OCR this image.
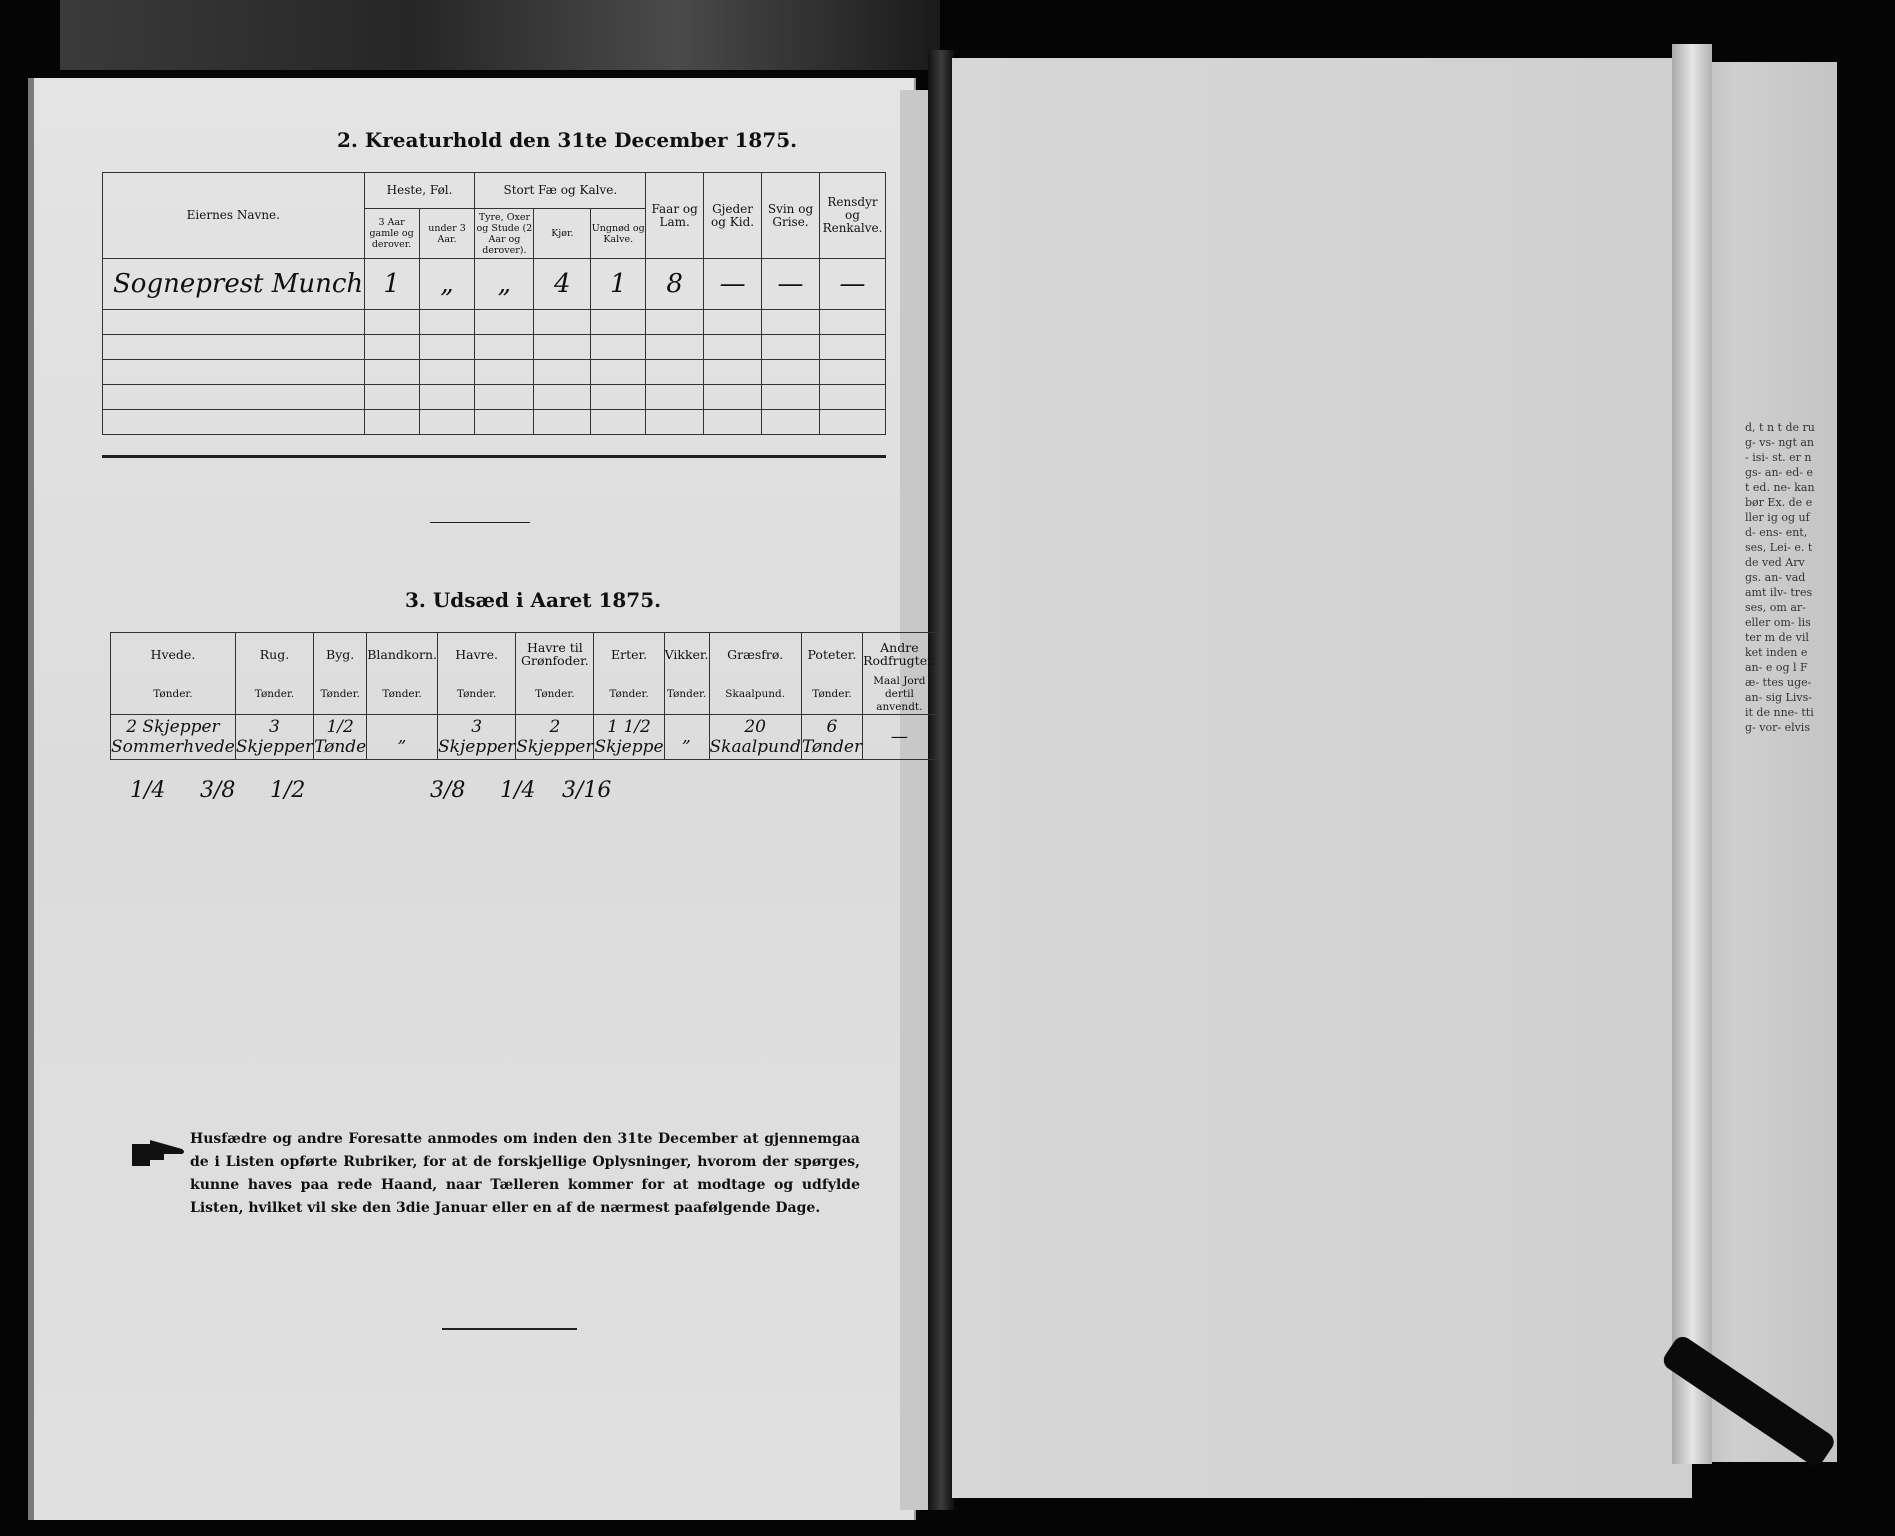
d, t n t de rug- vs- ngt an- isi- st. er ngs- an- ed- et ed. ne- kan bør Ex. de eller ig og ufd- ens- ent, ses, Lei- e. t de ved Arv gs. an- vad amt ilv- tres ses, om ar- eller om- lister m de vilket inden e an- e og l Fæ- ttes uge- an- sig Livs- it de nne- ttig- vor- elvis
2. Kreaturhold den 31te December 1875.
Eiernes Navne.	Heste, Føl.		Stort Fæ og Kalve.			Faar og Lam.	Gjeder og Kid.	Svin og Grise.	Rensdyr og Renkalve.
	3 Aar gamle og derover.	under 3 Aar.	Tyre, Oxer og Stude (2 Aar og derover).	Kjør.	Ungnød og Kalve.				
Sogneprest Munch	1	„	„	4	1	8	—	—	—

3. Udsæd i Aaret 1875.
Hvede.	Rug.	Byg.	Blandkorn.	Havre.	Havre til Grønfoder.	Erter.	Vikker.	Græsfrø.	Poteter.	Andre Rodfrugter.
Tønder.	Tønder.	Tønder.	Tønder.	Tønder.	Tønder.	Tønder.	Tønder.	Skaalpund.	Tønder.	Maal Jord dertil anvendt.
2 Skjepper Sommerhvede	3 Skjepper	1/2 Tønde	„	3 Skjepper	2 Skjepper	1 1/2 Skjeppe	„	20 Skaalpund	6 Tønder	—
1/4 3/8 1/2	3/8 1/4 3/16
Husfædre og andre Foresatte anmodes om inden den 31te December at gjennemgaa de i Listen opførte Rubriker, for at de forskjellige Oplysninger, hvorom der spørges, kunne haves paa rede Haand, naar Tælleren kommer for at modtage og udfylde Listen, hvilket vil ske den 3die Januar eller en af de nærmest paafølgende Dage.
